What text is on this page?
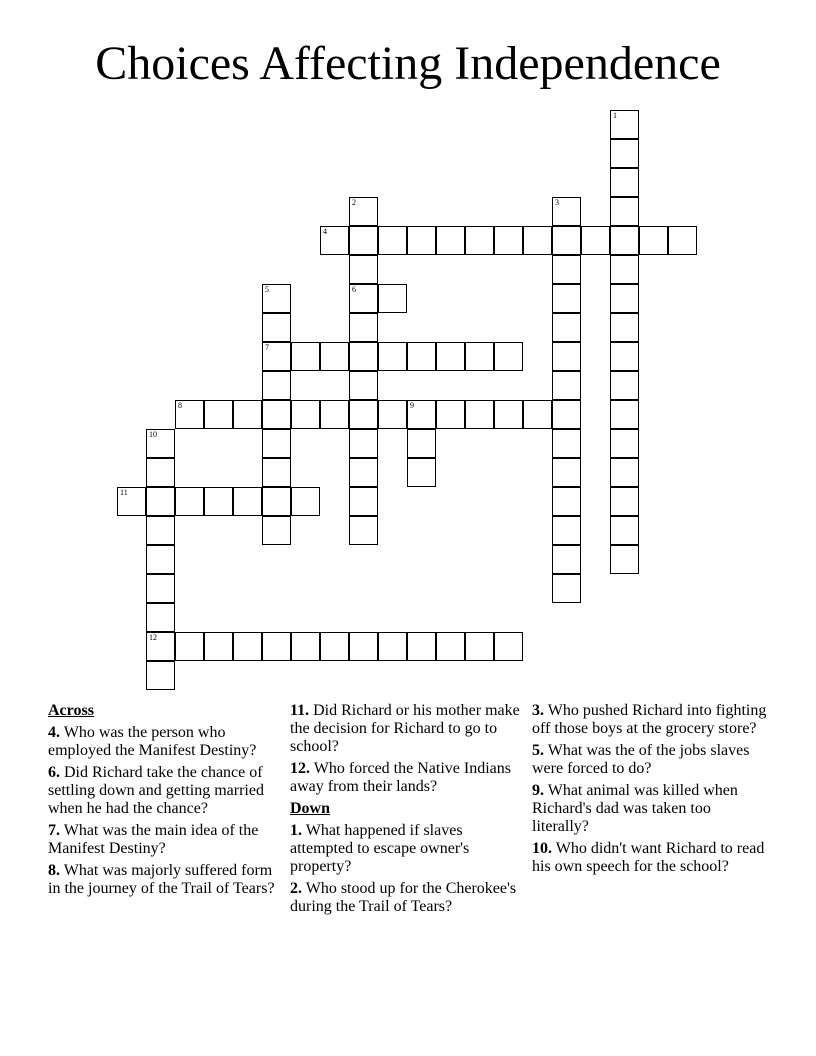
Choices Affecting Independence
1
2
6
3
4
5
7
8	9
10
12
11
Across
4. Who was the person who employed the Manifest Destiny?
6. Did Richard take the chance of settling down and getting married when he had the chance?
7. What was the main idea of the Manifest Destiny?
8. What was majorly suffered form in the journey of the Trail of Tears?
11. Did Richard or his mother make the decision for Richard to go to school?
12. Who forced the Native Indians away from their lands?
Down
1. What happened if slaves attempted to escape owner's property?
2. Who stood up for the Cherokee's during the Trail of Tears?
3. Who pushed Richard into fighting off those boys at the grocery store?
5. What was the of the jobs slaves were forced to do?
9. What animal was killed when Richard's dad was taken too literally?
10. Who didn't want Richard to read his own speech for the school?
